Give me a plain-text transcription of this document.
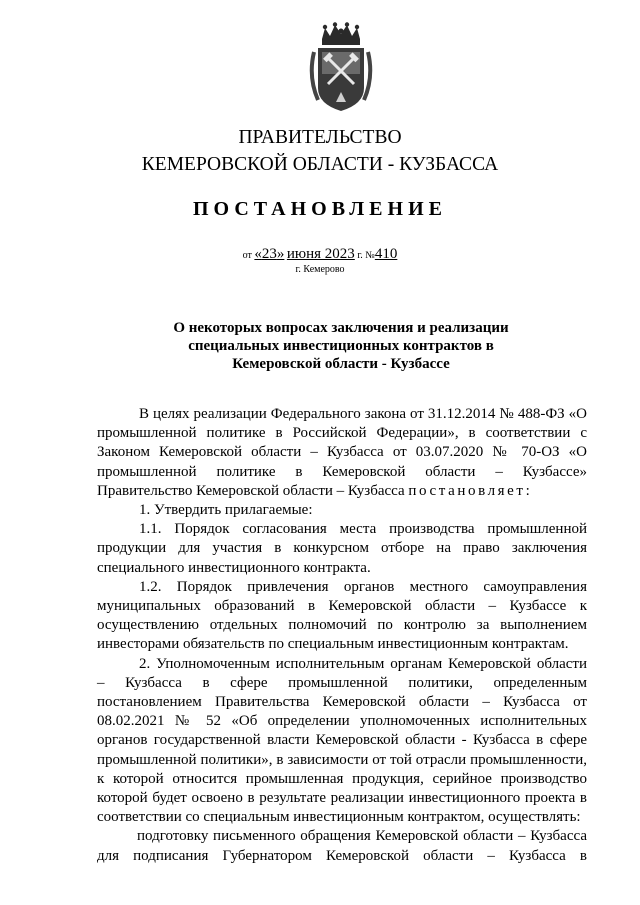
ПРАВИТЕЛЬСТВО
КЕМЕРОВСКОЙ ОБЛАСТИ - КУЗБАССА
ПОСТАНОВЛЕНИЕ
от «23» июня 2023 г. №410
г. Кемерово
О некоторых вопросах заключения и реализации
специальных инвестиционных контрактов в
Кемеровской области - Кузбассе

В целях реализации Федерального закона от 31.12.2014 № 488-ФЗ «О промышленной политике в Российской Федерации», в соответствии с Законом Кемеровской области – Кузбасса от 03.07.2020 № 70-ОЗ «О промышленной политике в Кемеровской области – Кузбассе» Правительство Кемеровской области – Кузбасса постановляет:

1. Утвердить прилагаемые:

1.1. Порядок согласования места производства промышленной продукции для участия в конкурсном отборе на право заключения специального инвестиционного контракта.

1.2. Порядок привлечения органов местного самоуправления муниципальных образований в Кемеровской области – Кузбассе к осуществлению отдельных полномочий по контролю за выполнением инвесторами обязательств по специальным инвестиционным контрактам.

2. Уполномоченным исполнительным органам Кемеровской области – Кузбасса в сфере промышленной политики, определенным постановлением Правительства Кемеровской области – Кузбасса от 08.02.2021 № 52 «Об определении уполномоченных исполнительных органов государственной власти Кемеровской области - Кузбасса в сфере промышленной политики», в зависимости от той отрасли промышленности, к которой относится промышленная продукция, серийное производство которой будет освоено в результате реализации инвестиционного проекта в соответствии со специальным инвестиционным контрактом, осуществлять:

подготовку письменного обращения Кемеровской области – Кузбасса для подписания Губернатором Кемеровской области – Кузбасса в
